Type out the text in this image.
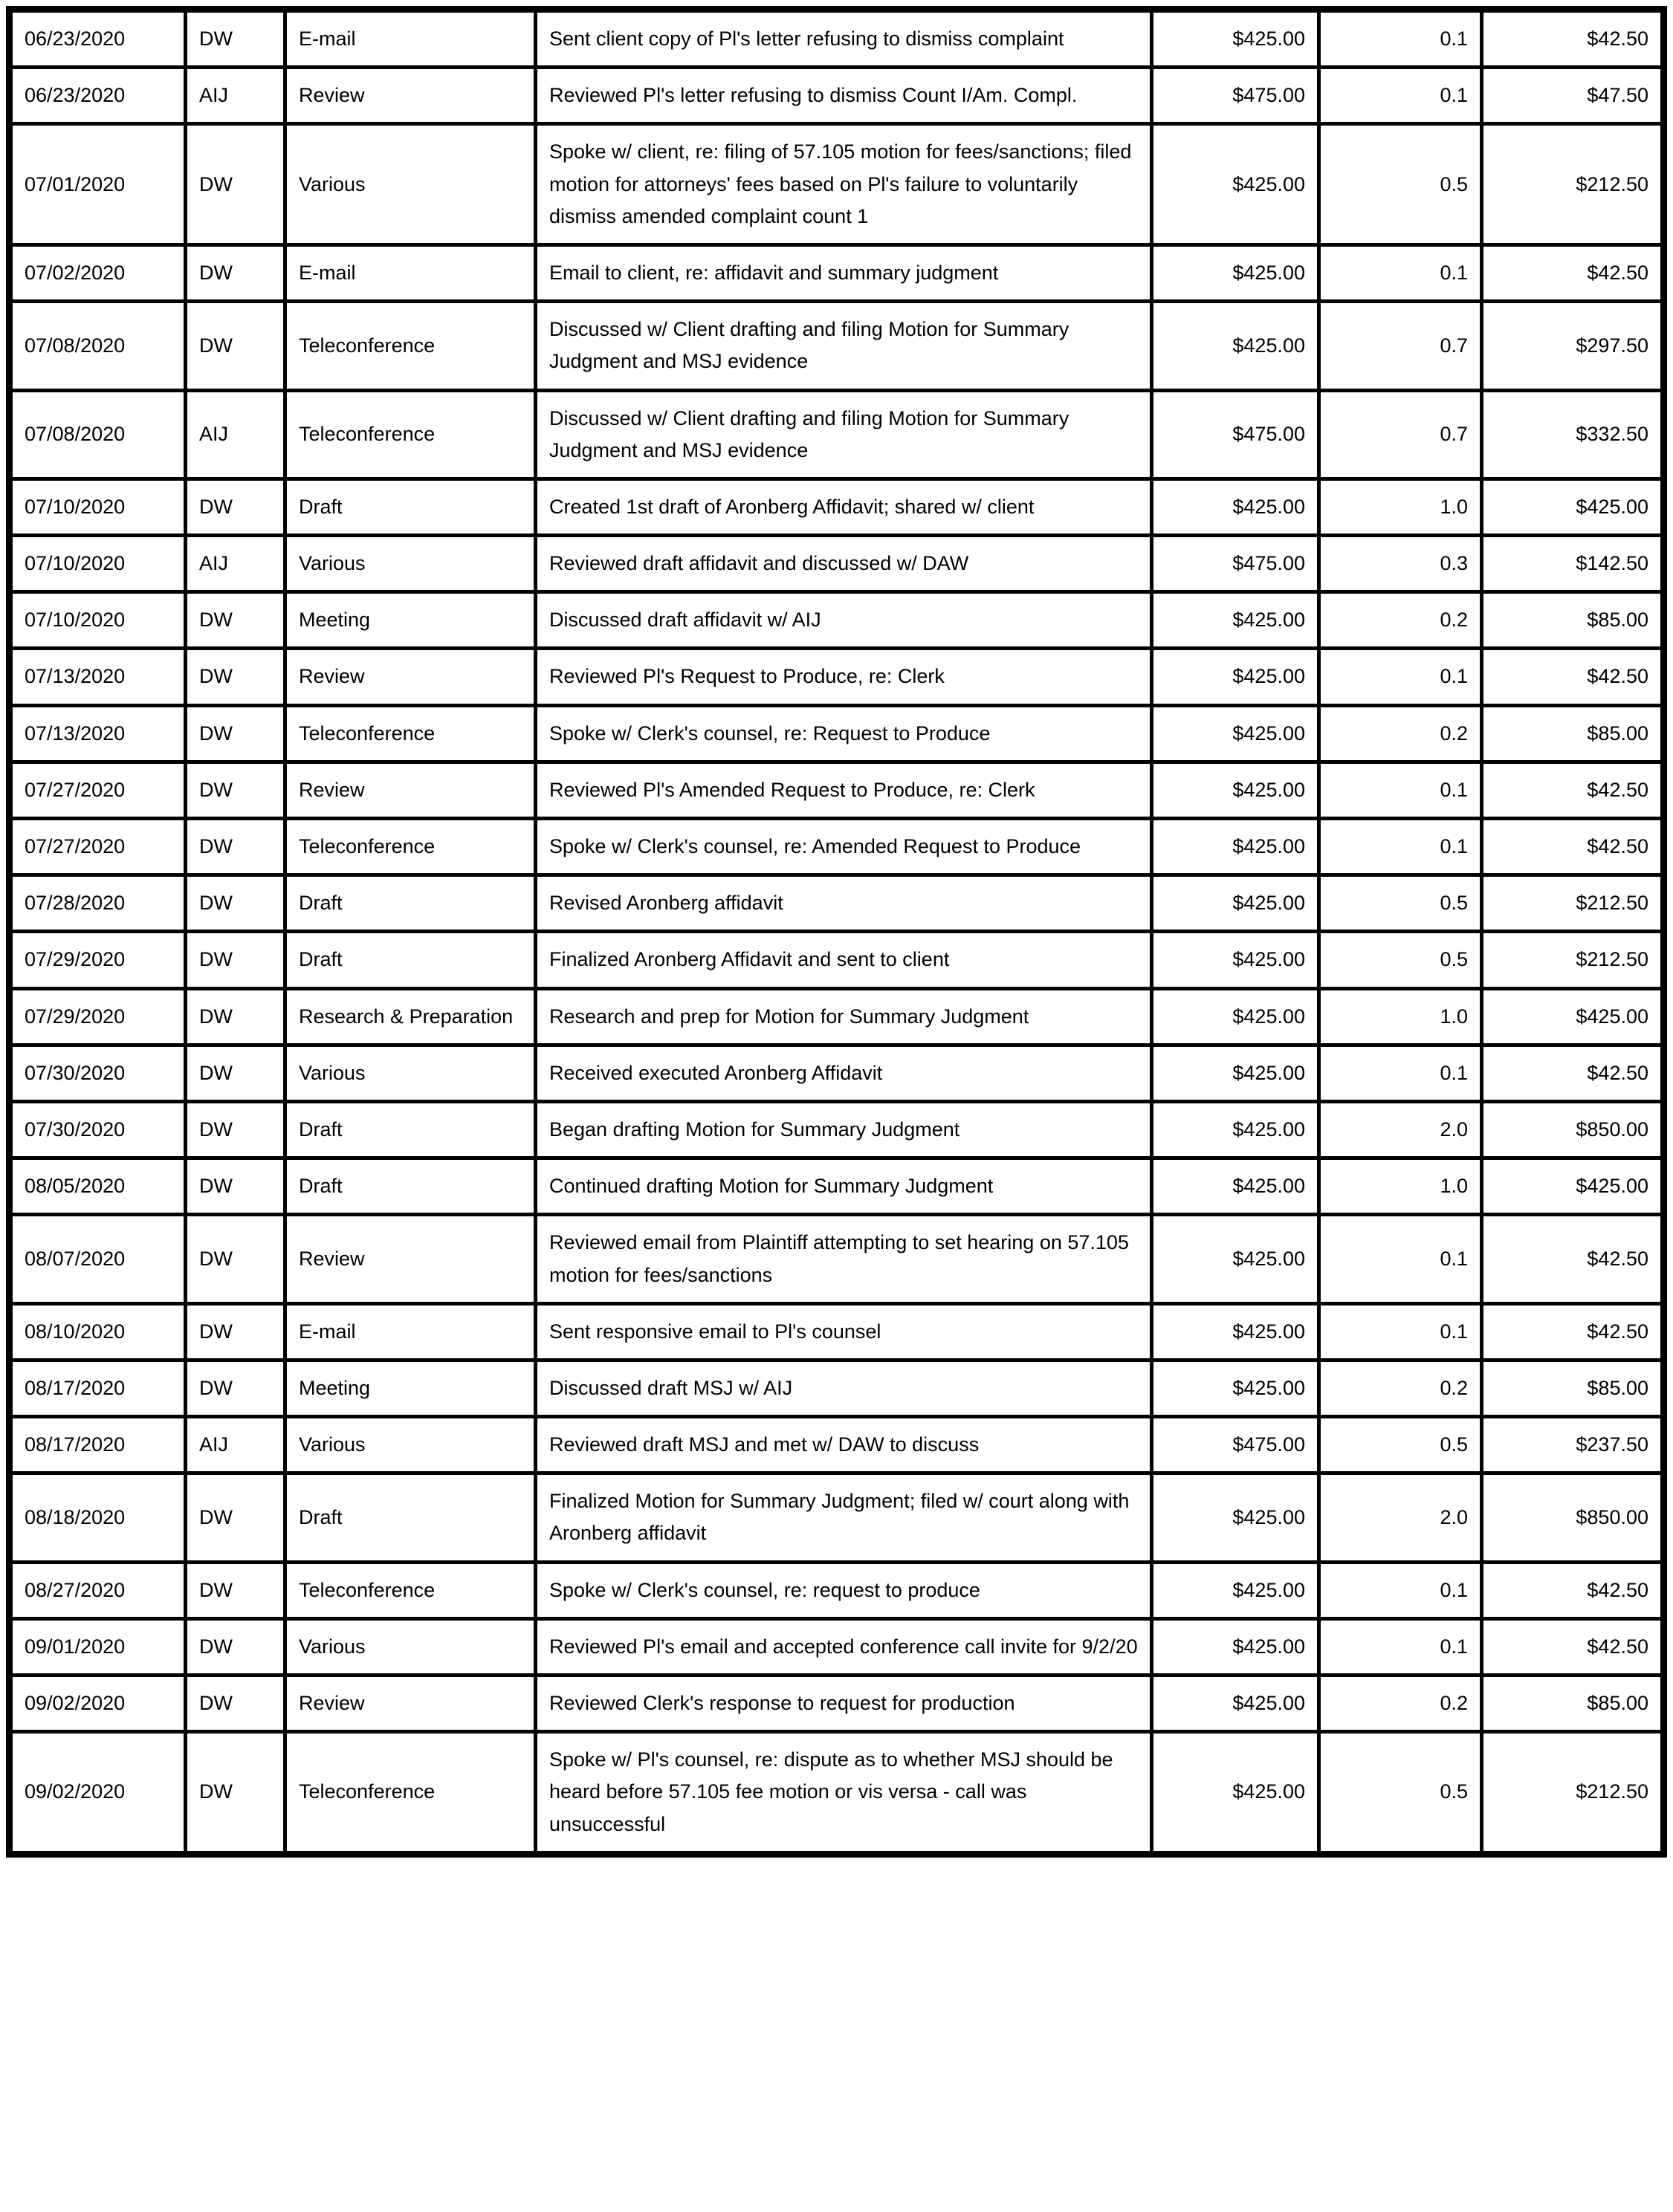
06/23/2020	DW	E-mail	Sent client copy of Pl's letter refusing to dismiss complaint	$425.00	0.1	$42.50
06/23/2020	AIJ	Review	Reviewed Pl's letter refusing to dismiss Count I/Am. Compl.	$475.00	0.1	$47.50
07/01/2020	DW	Various	Spoke w/ client, re: filing of 57.105 motion for fees/sanctions; filed motion for attorneys' fees based on Pl's failure to voluntarily dismiss amended complaint count 1	$425.00	0.5	$212.50
07/02/2020	DW	E-mail	Email to client, re: affidavit and summary judgment	$425.00	0.1	$42.50
07/08/2020	DW	Teleconference	Discussed w/ Client drafting and filing Motion for Summary Judgment and MSJ evidence	$425.00	0.7	$297.50
07/08/2020	AIJ	Teleconference	Discussed w/ Client drafting and filing Motion for Summary Judgment and MSJ evidence	$475.00	0.7	$332.50
07/10/2020	DW	Draft	Created 1st draft of Aronberg Affidavit; shared w/ client	$425.00	1.0	$425.00
07/10/2020	AIJ	Various	Reviewed draft affidavit and discussed w/ DAW	$475.00	0.3	$142.50
07/10/2020	DW	Meeting	Discussed draft affidavit w/ AIJ	$425.00	0.2	$85.00
07/13/2020	DW	Review	Reviewed Pl's Request to Produce, re: Clerk	$425.00	0.1	$42.50
07/13/2020	DW	Teleconference	Spoke w/ Clerk's counsel, re: Request to Produce	$425.00	0.2	$85.00
07/27/2020	DW	Review	Reviewed Pl's Amended Request to Produce, re: Clerk	$425.00	0.1	$42.50
07/27/2020	DW	Teleconference	Spoke w/ Clerk's counsel, re: Amended Request to Produce	$425.00	0.1	$42.50
07/28/2020	DW	Draft	Revised Aronberg affidavit	$425.00	0.5	$212.50
07/29/2020	DW	Draft	Finalized Aronberg Affidavit and sent to client	$425.00	0.5	$212.50
07/29/2020	DW	Research & Preparation	Research and prep for Motion for Summary Judgment	$425.00	1.0	$425.00
07/30/2020	DW	Various	Received executed Aronberg Affidavit	$425.00	0.1	$42.50
07/30/2020	DW	Draft	Began drafting Motion for Summary Judgment	$425.00	2.0	$850.00
08/05/2020	DW	Draft	Continued drafting Motion for Summary Judgment	$425.00	1.0	$425.00
08/07/2020	DW	Review	Reviewed email from Plaintiff attempting to set hearing on 57.105 motion for fees/sanctions	$425.00	0.1	$42.50
08/10/2020	DW	E-mail	Sent responsive email to Pl's counsel	$425.00	0.1	$42.50
08/17/2020	DW	Meeting	Discussed draft MSJ w/ AIJ	$425.00	0.2	$85.00
08/17/2020	AIJ	Various	Reviewed draft MSJ and met w/ DAW to discuss	$475.00	0.5	$237.50
08/18/2020	DW	Draft	Finalized Motion for Summary Judgment; filed w/ court along with Aronberg affidavit	$425.00	2.0	$850.00
08/27/2020	DW	Teleconference	Spoke w/ Clerk's counsel, re: request to produce	$425.00	0.1	$42.50
09/01/2020	DW	Various	Reviewed Pl's email and accepted conference call invite for 9/2/20	$425.00	0.1	$42.50
09/02/2020	DW	Review	Reviewed Clerk's response to request for production	$425.00	0.2	$85.00
09/02/2020	DW	Teleconference	Spoke w/ Pl's counsel, re: dispute as to whether MSJ should be heard before 57.105 fee motion or vis versa - call was unsuccessful	$425.00	0.5	$212.50
